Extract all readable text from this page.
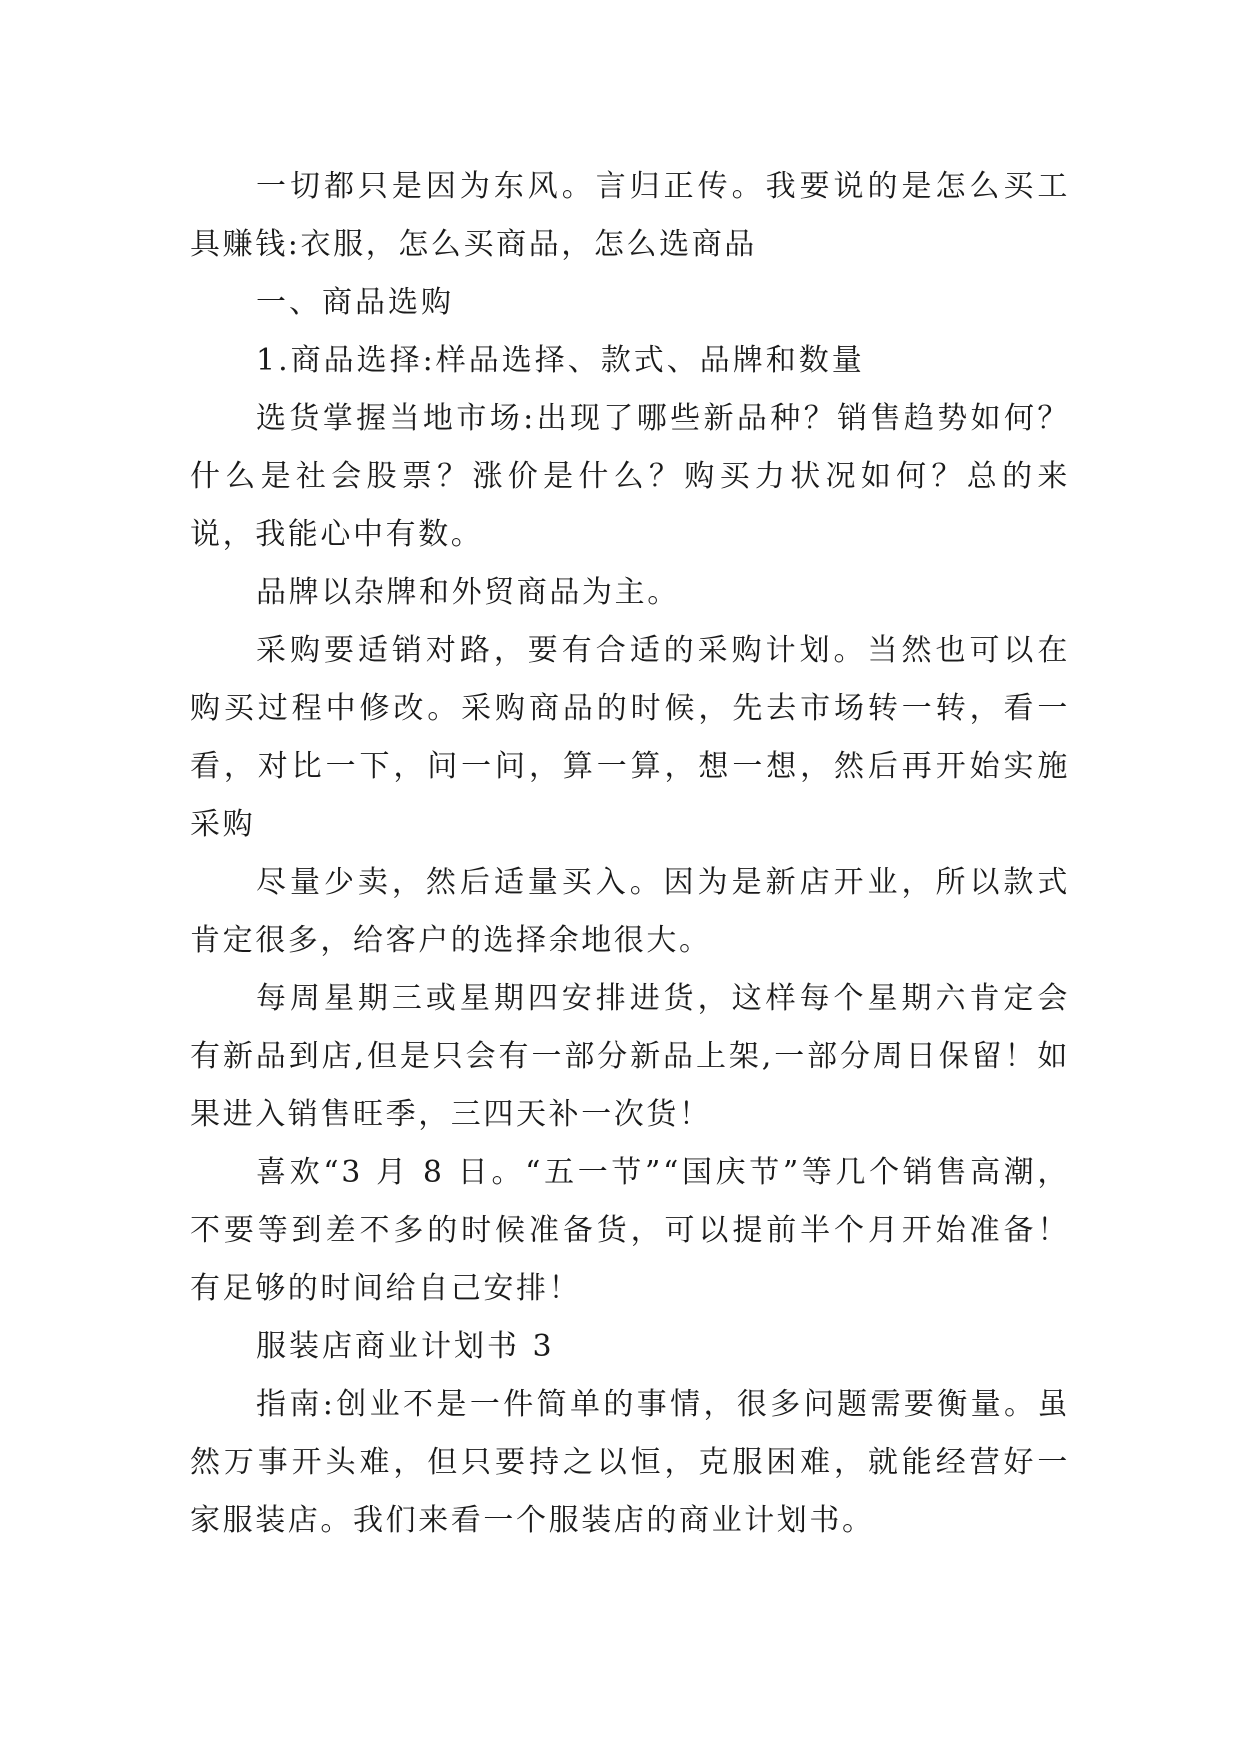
一切都只是因为东风。言归正传。我要说的是怎么买工具赚钱:衣服，怎么买商品，怎么选商品

一、商品选购

1.商品选择:样品选择、款式、品牌和数量

选货掌握当地市场:出现了哪些新品种？销售趋势如何？什么是社会股票？涨价是什么？购买力状况如何？总的来说，我能心中有数。

品牌以杂牌和外贸商品为主。

采购要适销对路，要有合适的采购计划。当然也可以在购买过程中修改。采购商品的时候，先去市场转一转，看一看，对比一下，问一问，算一算，想一想，然后再开始实施采购

尽量少卖，然后适量买入。因为是新店开业，所以款式肯定很多，给客户的选择余地很大。

每周星期三或星期四安排进货，这样每个星期六肯定会有新品到店,但是只会有一部分新品上架,一部分周日保留！如果进入销售旺季，三四天补一次货！

喜欢“3 月 8 日。“五一节”“国庆节”等几个销售高潮，不要等到差不多的时候准备货，可以提前半个月开始准备！有足够的时间给自己安排！

服装店商业计划书 3

指南:创业不是一件简单的事情，很多问题需要衡量。虽然万事开头难，但只要持之以恒，克服困难，就能经营好一家服装店。我们来看一个服装店的商业计划书。
